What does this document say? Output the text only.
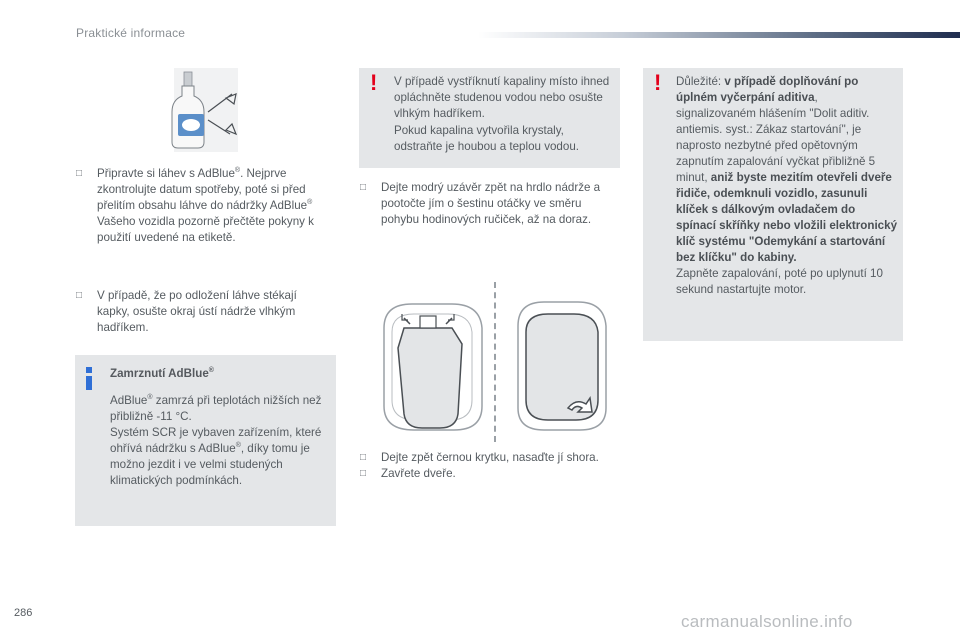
Praktické informace
□	Připravte si láhev s AdBlue®. Nejprve zkontrolujte datum spotřeby, poté si před přelitím obsahu láhve do nádržky AdBlue® Vašeho vozidla pozorně přečtěte pokyny k použití uvedené na etiketě.
□	V případě, že po odložení láhve stékají kapky, osušte okraj ústí nádrže vlhkým hadříkem.
Zamrznutí AdBlue®
AdBlue® zamrzá při teplotách nižších než přibližně -11 °C.
Systém SCR je vybaven zařízením, které ohřívá nádržku s AdBlue®, díky tomu je možno jezdit i ve velmi studených klimatických podmínkách.
! V případě vystříknutí kapaliny místo ihned opláchněte studenou vodou nebo osušte vlhkým hadříkem.
Pokud kapalina vytvořila krystaly, odstraňte je houbou a teplou vodou.
□	Dejte modrý uzávěr zpět na hrdlo nádrže a pootočte jím o šestinu otáčky ve směru pohybu hodinových ručiček, až na doraz.
□	Dejte zpět černou krytku, nasaďte jí shora.
□	Zavřete dveře.
! Důležité: v případě doplňování po úplném vyčerpání aditiva, signalizovaném hlášením "Dolit aditiv. antiemis. syst.: Zákaz startování", je naprosto nezbytné před opětovným zapnutím zapalování vyčkat přibližně 5 minut, aniž byste mezitím otevřeli dveře řidiče, odemknuli vozidlo, zasunuli klíček s dálkovým ovladačem do spínací skříňky nebo vložili elektronický klíč systému "Odemykání a startování bez klíčku" do kabiny.
Zapněte zapalování, poté po uplynutí 10 sekund nastartujte motor.
286	carmanualsonline.info
